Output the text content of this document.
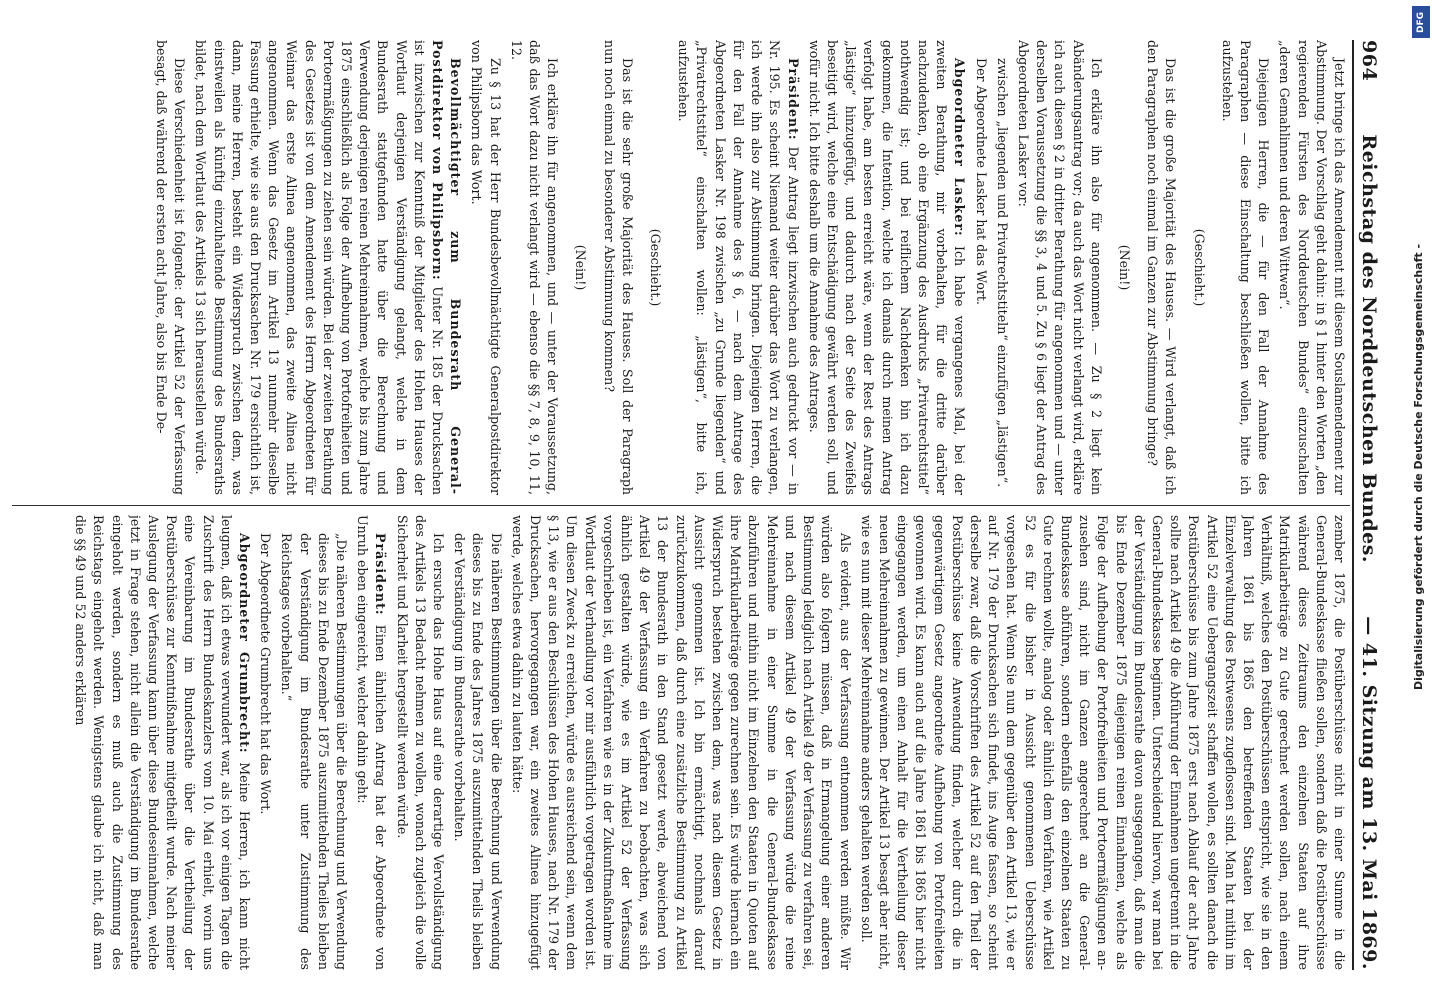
964
Reichstag des Norddeutschen Bundes.
— 41. Sitzung am 13. Mai 1869.

Jetzt bringe ich das Amendement mit diesem Souslamendement zur Abstimmung. Der Vorschlag geht dahin: in § 1 hinter den Worten „den regierenden Fürsten des Norddeutschen Bundes“ einzuschalten „deren Gemahlinnen und deren Wittwen“.

Diejenigen Herren, die — für den Fall der Annahme des Paragraphen — diese Einschaltung beschließen wollen, bitte ich aufzustehen.

(Geschieht.)

Das ist die große Majorität des Hauses. — Wird verlangt, daß ich den Paragraphen noch einmal im Ganzen zur Abstimmung bringe?

(Nein!)

Ich erkläre ihn also für angenommen. — Zu § 2 liegt kein Abänderungsantrag vor; da auch das Wort nicht verlangt wird, erkläre ich auch diesen § 2 in dritter Berathung für angenommen und — unter derselben Voraussetzung die §§ 3, 4 und 5. Zu § 6 liegt der Antrag des Abgeordneten Lasker vor:

zwischen „liegenden und Privatrechtstiteln“ einzufügen „lästigen“.

Der Abgeordnete Lasker hat das Wort.

Abgeordneter Lasker: Ich habe vergangenes Mal, bei der zweiten Berathung, mir vorbehalten, für die dritte darüber nachzudenken, ob eine Ergänzung des Ausdrucks „Privatrechtstitel“ nothwendig ist; und bei reiflichem Nachdenken bin ich dazu gekommen, die Intention, welche ich damals durch meinen Antrag verfolgt habe, am besten erreicht wäre, wenn der Rest des Antrags „lästige“ hinzugefügt, und dadurch nach der Seite des Zweifels beseitigt wird, welche eine Entschädigung gewährt werden soll, und wofür nicht. Ich bitte deshalb um die Annahme des Antrages.

Präsident: Der Antrag liegt inzwischen auch gedruckt vor — in Nr. 195. Es scheint Niemand weiter darüber das Wort zu verlangen, ich werde ihn also zur Abstimmung bringen. Diejenigen Herren, die für den Fall der Annahme des § 6, — nach dem Antrage des Abgeordneten Lasker Nr. 198 zwischen „zu Grunde liegenden“ und „Privatrechtstitel“ einschalten wollen: „lästigen“, bitte ich, aufzustehen.

(Geschieht.)

Das ist die sehr große Majorität des Hauses. Soll der Paragraph nun noch einmal zu besonderer Abstimmung kommen?

(Nein!)

Ich erkläre ihn für angenommen, und — unter der Voraussetzung, daß das Wort dazu nicht verlangt wird — ebenso die §§ 7, 8, 9, 10, 11, 12.

Zu § 13 hat der Herr Bundesbevollmächtigte Generalpostdirektor von Philipsborn das Wort.

Bevollmächtigter zum Bundesrath General-Postdirektor von Philipsborn: Unter Nr. 185 der Drucksachen ist inzwischen zur Kenntniß der Mitglieder des Hohen Hauses der Wortlaut derjenigen Verständigung gelangt, welche in dem Bundesrath stattgefunden hatte über die Berechnung und Verwendung derjenigen reinen Mehreinnahmen, welche bis zum Jahre 1875 einschließlich als Folge der Aufhebung von Portofreiheiten und Portoermäßigungen zu ziehen sein würden. Bei der zweiten Berathung des Gesetzes ist von dem Amendement des Herrn Abgeordneten für Weimar das erste Alinea angenommen, das zweite Alinea nicht angenommen. Wenn das Gesetz im Artikel 13 nunmehr dieselbe Fassung erhielte, wie sie aus den Drucksachen Nr. 179 ersichtlich ist, dann, meine Herren, besteht ein Widerspruch zwischen dem, was einstweilen als künftig einzuhaltende Bestimmung des Bundesraths bildet, nach dem Wortlaut des Artikels 13 sich herausstellen würde.

Diese Verschiedenheit ist folgende: der Artikel 52 der Verfassung besagt, daß während der ersten acht Jahre, also bis Ende De-

zember 1875, die Postüberschüsse nicht in einer Summe in die General-Bundeskasse fließen sollen, sondern daß die Postüberschüsse während dieses Zeitraums den einzelnen Staaten auf ihre Matrikularbeiträge zu Gute gerechnet werden sollen, nach einem Verhältniß, welches den Postüberschüssen entspricht, wie sie in den Jahren 1861 bis 1865 den betreffenden Staaten bei der Einzelverwaltung des Postwesens zugeflossen sind. Man hat mithin im Artikel 52 eine Uebergangszeit schaffen wollen, es sollten danach die Postüberschüsse bis zum Jahre 1875 erst nach Ablauf der acht Jahre sollte nach Artikel 49 die Abführung der Einnahmen ungetrennt in die General-Bundeskasse beginnen. Unterscheidend hiervon, war man bei der Verständigung im Bundesrathe davon ausgegangen, daß man die bis Ende Dezember 1875 diejenigen reinen Einnahmen, welche als Folge der Aufhebung der Portofreiheiten und Portoermäßigungen anzusehen sind, nicht im Ganzen angerechnet an die General-Bundeskasse abführen, sondern ebenfalls den einzelnen Staaten zu Gute rechnen wollte, analog oder ähnlich dem Verfahren, wie Artikel 52 es für die bisher in Aussicht genommenen Ueberschüsse vorgesehen hat. Wenn Sie nun dem gegenüber den Artikel 13, wie er auf Nr. 179 der Drucksachen sich findet, ins Auge fassen, so scheint derselbe zwar, daß die Vorschriften des Artikel 52 auf den Theil der Postüberschüsse keine Anwendung finden, welcher durch die in gegenwärtigem Gesetz angeordnete Aufhebung von Portofreiheiten gewonnen wird. Es kann auch auf die Jahre 1861 bis 1865 hier nicht eingegangen werden, um einen Anhalt für die Vertheilung dieser neuen Mehreinnahmen zu gewinnen. Der Artikel 13 besagt aber nicht, wie es nun mit dieser Mehreinnahme anders gehalten werden soll.

Als evident, aus der Verfassung entnommen werden müßte. Wir würden also folgern müssen, daß in Ermangelung einer anderen Bestimmung lediglich nach Artikel 49 der Verfassung zu verfahren sei, und nach diesem Artikel 49 der Verfassung würde die reine Mehreinnahme in einer Summe in die General-Bundeskasse abzuführen und mithin nicht im Einzelnen den Staaten in Quoten auf ihre Matrikularbeiträge gegen zurechnen sein. Es würde hiernach ein Widerspruch bestehen zwischen dem, was nach diesem Gesetz in Aussicht genommen ist. Ich bin ermächtigt, nochmals darauf zurückzukommen, daß durch eine zusätzliche Bestimmung zu Artikel 13 der Bundesrath in den Stand gesetzt werde, abweichend von Artikel 49 der Verfassung ein Verfahren zu beobachten, was sich ähnlich gestalten würde, wie es im Artikel 52 der Verfassung vorgeschrieben ist, ein Verfahren wie es in der Zukunftmaßnahme im Wortlaut der Verhandlung vor mir ausführlich vorgetragen worden ist. Um diesen Zweck zu erreichen, würde es ausreichend sein, wenn dem § 13, wie er aus den Beschlüssen des Hohen Hauses, nach Nr. 179 der Drucksachen, hervorgegangen war, ein zweites Alinea hinzugefügt werde, welches etwa dahin zu lauten hätte:

Die näheren Bestimmungen über die Berechnung und Verwendung dieses bis zu Ende des Jahres 1875 auszumittelnden Theils bleiben der Verständigung im Bundesrathe vorbehalten.

Ich ersuche das Hohe Haus auf eine derartige Vervollständigung des Artikels 13 Bedacht nehmen zu wollen, wonach zugleich die volle Sicherheit und Klarheit hergestellt werden würde.

Präsident: Einen ähnlichen Antrag hat der Abgeordnete von Unruh eben eingereicht, welcher dahin geht:

„Die näheren Bestimmungen über die Berechnung und Verwendung dieses bis zu Ende Dezember 1875 auszumittelnden Theiles bleiben der Verständigung im Bundesrathe unter Zustimmung des Reichstages vorbehalten.“

Der Abgeordnete Grumbrecht hat das Wort.

Abgeordneter Grumbrecht: Meine Herren, ich kann nicht leugnen, daß ich etwas verwundert war, als ich vor einigen Tagen die Zuschrift des Herrn Bundeskanzlers vom 10. Mai erhielt, worin uns eine Vereinbarung im Bundesrathe über die Vertheilung der Postüberschüsse zur Kenntnißnahme mitgetheilt wurde. Nach meiner Auslegung der Verfassung kann über diese Bundeseinnahmen, welche jetzt in Frage stehen, nicht allein die Verständigung im Bundesrathe eingeholt werden, sondern es muß auch die Zustimmung des Reichstags eingeholt werden. Wenigstens glaube ich nicht, daß man die §§ 49 und 52 anders erklären

DFG
Digitalisierung gefördert durch die Deutsche Forschungsgemeinschaft -
